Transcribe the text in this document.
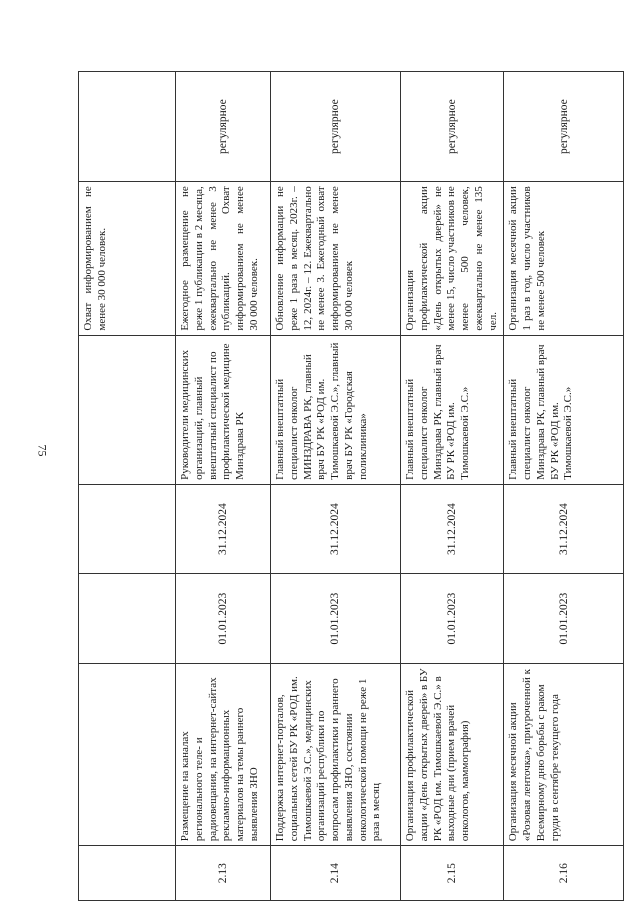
75
					Охват информированием не менее 30 000 человек.	
2.13	Размещение на каналах регионального теле- и радиовещания, на интернет-сайтах рекламно-информационных материалов на темы раннего выявления ЗНО	01.01.2023	31.12.2024	Руководители медицинских организаций, главный внештатный специалист по профилактической медицине Минздрава РК	Ежегодное размещение не реже 1 публикации в 2 месяца, ежеквартально не менее 3 публикаций. Охват информированием не менее 30 000 человек.	регулярное
2.14	Поддержка интернет-порталов, социальных сетей БУ РК «РОД им. Тимошкаевой Э.С.», медицинских организаций республики по вопросам профилактики и раннего выявления ЗНО, состоянии онкологической помощи не реже 1 раза в месяц	01.01.2023	31.12.2024	Главный внештатный специалист онколог МИНЗДРАВА РК, главный врач БУ РК «РОД им. Тимошкаевой Э.С.», главный врач БУ РК «Городская поликлиника»	Обновление информации не реже 1 раза в месяц. 2023г. – 12, 2024г. – 12. Ежеквартально не менее 3. Ежегодный охват информированием не менее 30 000 человек	регулярное
2.15	Организация профилактической акции «День открытых дверей» в БУ РК «РОД им. Тимошкаевой Э.С.» в выходные дни (прием врачей онкологов, маммография)	01.01.2023	31.12.2024	Главный внештатный специалист онколог Минздрава РК, главный врач БУ РК «РОД им. Тимошкаевой Э.С.»	Организация профилактической акции «День открытых дверей» не менее 15, число участников не менее 500 человек, ежеквартально не менее 135 чел.	регулярное
2.16	Организация месячной акции «Розовая ленточка», приуроченной к Всемирному дню борьбы с раком груди в сентябре текущего года	01.01.2023	31.12.2024	Главный внештатный специалист онколог Минздрава РК, главный врач БУ РК «РОД им. Тимошкаевой Э.С.»	Организация месячной акции 1 раз в год, число участников не менее 500 человек	регулярное
